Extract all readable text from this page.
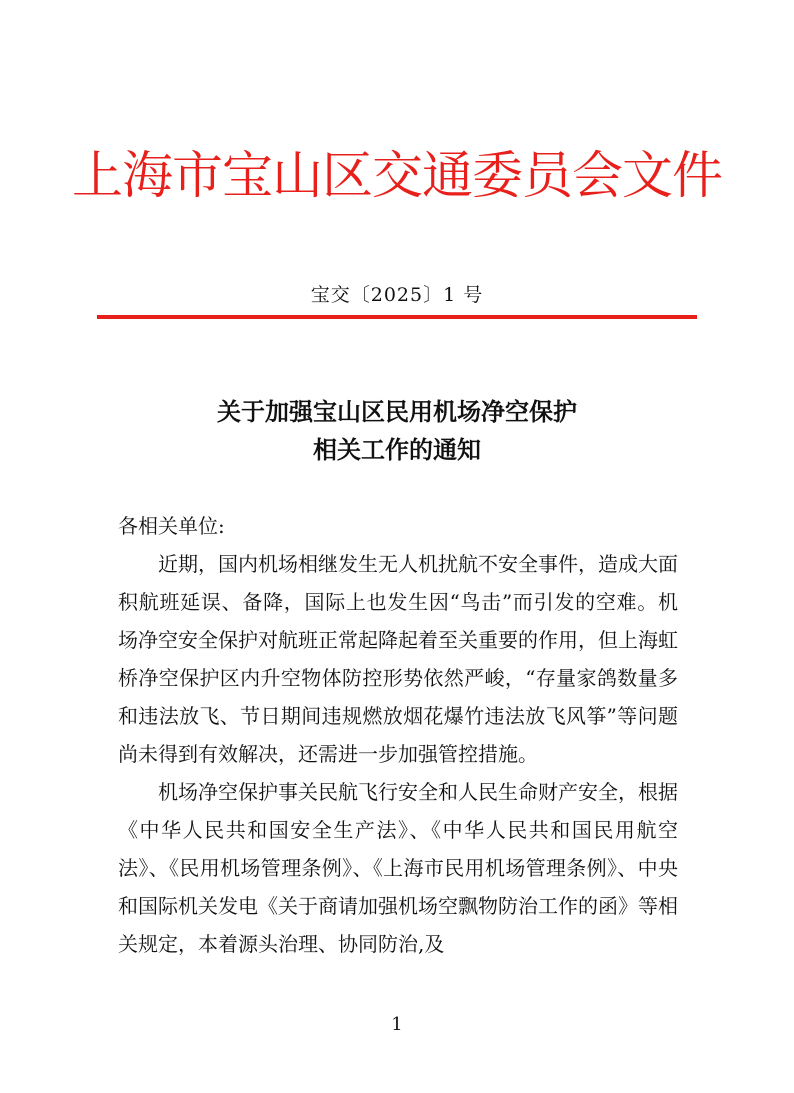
上海市宝山区交通委员会文件
宝交〔2025〕1 号
关于加强宝山区民用机场净空保护
相关工作的通知

各相关单位:

近期，国内机场相继发生无人机扰航不安全事件，造成大面积航班延误、备降，国际上也发生因“鸟击”而引发的空难。机场净空安全保护对航班正常起降起着至关重要的作用，但上海虹桥净空保护区内升空物体防控形势依然严峻，“存量家鸽数量多和违法放飞、节日期间违规燃放烟花爆竹违法放飞风筝”等问题尚未得到有效解决，还需进一步加强管控措施。

机场净空保护事关民航飞行安全和人民生命财产安全，根据《中华人民共和国安全生产法》、《中华人民共和国民用航空法》、《民用机场管理条例》、《上海市民用机场管理条例》、中央和国际机关发电《关于商请加强机场空飘物防治工作的函》等相关规定，本着源头治理、协同防治,及

1
